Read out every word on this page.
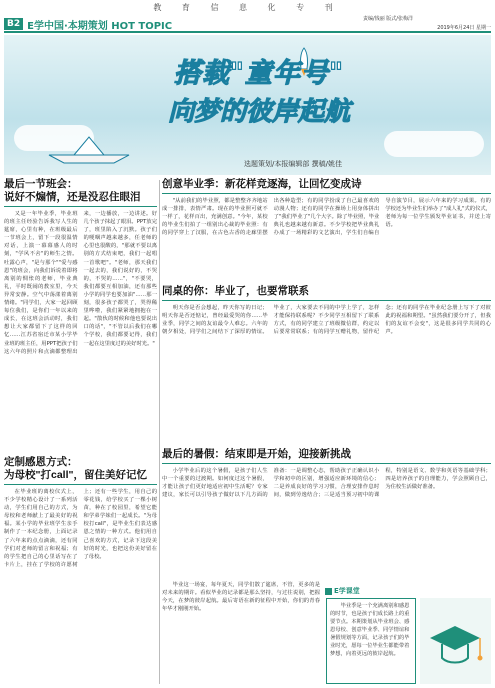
教 育 信 息 化 专 刊
B2 E学中国·本期策划 HOT TOPIC
责编/钱丽 版式/张梅洋
2019年6月24日 星期一
搭载"童年号"
向梦的彼岸起航
选题策划/本报编辑部 撰稿/姚佳
最后一节班会：
说好不煽情，还是没忍住眼泪
又是一年毕业季，毕业班的班主任经验告诉我写人生的筵席，心里有种，在班级最后一节班会上，留下一段很温情对话，上演一幕幕感人的时刻，"学风不舍"的师生之情。吐露心声，"是与那个""爱与感恩"的班会，向我们诉说着即将离别的惆怅的老师，毕业典礼，平时既闹的教室里，今天异常安静。空气中荡漾着离别情绪。"同学们，大家一起回顾每位我们，是你们一年以来的成长，在这班会活动时，我们想让大家都留下了这样的回忆……江苏省宿迁市某小学毕业班的班主任，用PPT把孩子们这六年的照片和点滴都整理出来，一边播放，一边讲述。好几个孩子抹起了眼泪。PPT放完了，班里陷入了沉默。孩子们的哽咽声越来越多，任老师的心里也很酸的，"那就不要以离别的方式结束吧，我们一起唱一首歌吧"。"老师，那天我们一起去的，我们说好的，不哭的，不哭的……"，"不要哭，我们都要互相加油，还有那些小学的同学也要加油"……那一刻，很多孩子都哭了，哭得稀里哗啦，我们紧紧地拥抱在一起。"散伙的时候和他也要说出口的话"，"不管以后我们在哪个学校，我们都要记得，我们一起在这里度过的美好时光。"
定制感恩方式：
为母校"打call"，留住美好记忆
在毕业班的离校仪式上，不少学校精心设计了一系列活动，学生们用自己的方式，为母校和老师献上了最美好的祝福。某小学的毕业班学生亲手制作了一本纪念册，上面记录了六年来的点点滴滴，还有同学们对老师的留言和祝福；有的学生把自己的心里话写在了卡片上，挂在了学校的许愿树上；还有一些学生，用自己的零花钱，给学校买了一棵小树苗，种在了校园里，希望它能和学弟学妹们一起成长。"为母校打call"，是毕业生们表达感恩之情的一种方式。他们用自己喜欢的方式，记录下这段美好的时光，也把这份美好留在了母校。
创意毕业季：新花样竞逐海，让回忆变成诗
"从前我们的毕业照，都是整整齐齐地站成一排排，表情严肃。现在的毕业照可就不一样了，花样百出，充满创意。"今年，某校的毕业生们拍了一组别出心裁的毕业照：有的同学穿上了汉服，在古色古香的走廊里摆出各种造型；有的同学扮成了自己最喜欢的动漫人物；还有的同学在操场上用身体拼出了"我们毕业了"几个大字。除了毕业照，毕业典礼也越来越有新意。不少学校把毕业典礼办成了一场精彩的文艺演出，学生们自编自导自演节目，展示六年来的学习成果。有的学校还为毕业生们举办了"成人礼"式的仪式，老师为每一位学生颁发毕业证书，并送上寄语。
同桌的你：毕业了，也要常联系
明天你是否会想起，昨天你写的日记；明天你是否还惦记，曾经最爱哭的你……毕业季，同学之间的友谊最令人难忘。六年的朝夕相处，同学们之间结下了深厚的情谊。毕业了，大家要去不同的中学上学了，怎样才能保持联系呢？不少同学互相留下了联系方式，有的同学建立了班级微信群，约定以后要常常联系；有的同学互赠礼物，留作纪念；还有的同学在毕业纪念册上写下了对彼此的祝福和期望。"虽然我们要分开了，但我们的友谊不会变"，这是很多同学共同的心声。
最后的暑假：结束即是开始，迎接新挑战
小学毕业后的这个暑假，是孩子们人生中一个重要的过渡期。如何度过这个暑假，才能让孩子们更好地适应初中生活呢？专家建议，家长可以引导孩子做好以下几方面的准备：一是调整心态，帮助孩子正确认识小学和初中的区别，增强适应新环境的信心；二是养成良好的学习习惯，合理安排作息时间，做到劳逸结合；三是适当预习初中的课程，特别是语文、数学和英语等基础学科；四是培养孩子的自理能力，学会照顾自己，为住校生活做好准备。
毕业这一场宴，每年夏天，同学们散了筵席，不管，更多的是对未来的期许。看似毕业的记录都是那么坚持，与过往说别，把握今天，在梦的彼岸起航。最后寄语在新的征程中开始，你们的青春年华才刚刚开始。
E学课堂
毕业季是一个充满离别和感恩的时节，也是孩子们成长路上的重要节点。本期策划从毕业班会、感恩母校、创意毕业季、同学情谊和暑假规划等方面，记录孩子们的毕业时光，愿每一位毕业生都能带着梦想，向着更远的彼岸起航。
